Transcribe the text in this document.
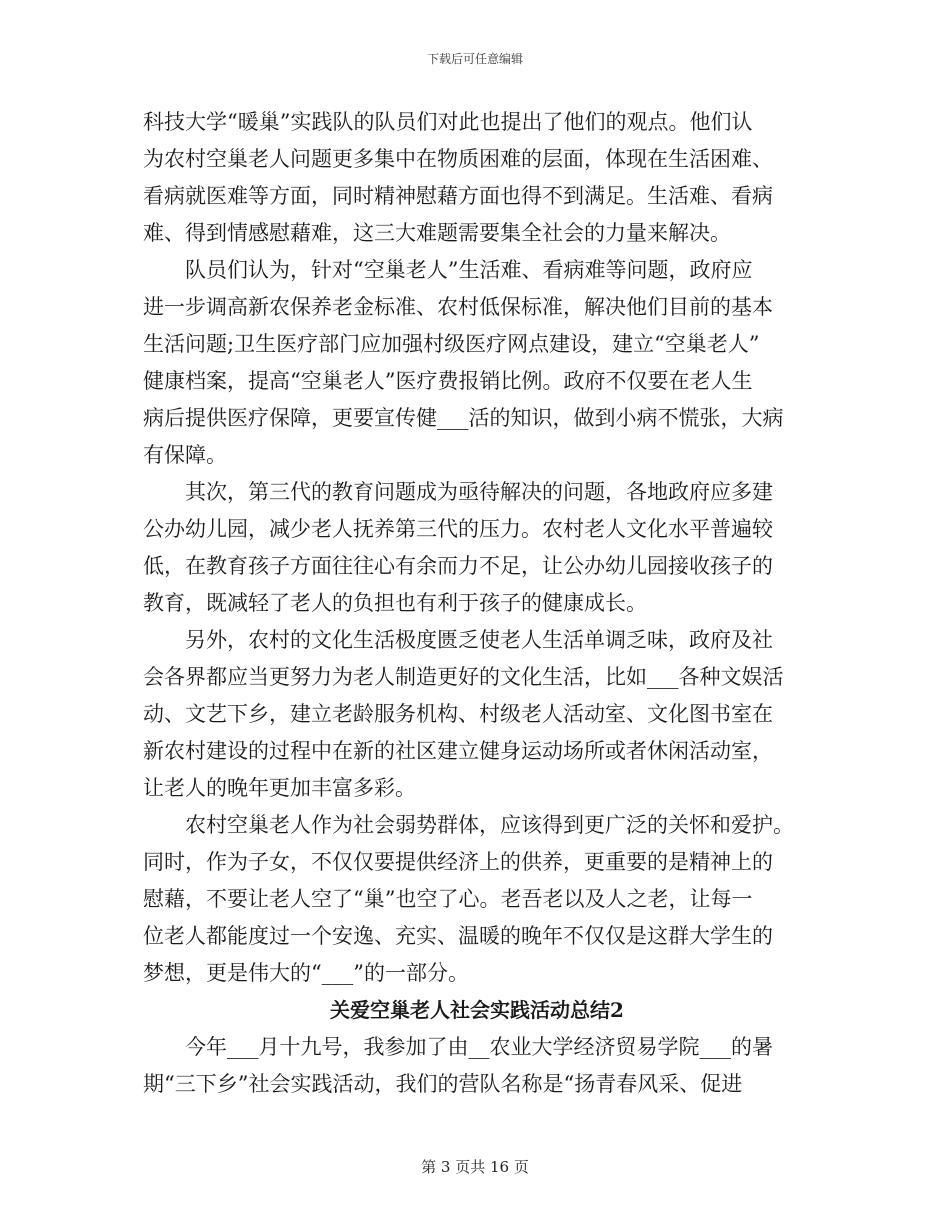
下载后可任意编辑
科技大学“暖巢”实践队的队员们对此也提出了他们的观点。他们认
为农村空巢老人问题更多集中在物质困难的层面，体现在生活困难、
看病就医难等方面，同时精神慰藉方面也得不到满足。生活难、看病
难、得到情感慰藉难，这三大难题需要集全社会的力量来解决。
　　队员们认为，针对“空巢老人”生活难、看病难等问题，政府应
进一步调高新农保养老金标准、农村低保标准，解决他们目前的基本
生活问题;卫生医疗部门应加强村级医疗网点建设，建立“空巢老人”
健康档案，提高“空巢老人”医疗费报销比例。政府不仅要在老人生
病后提供医疗保障，更要宣传健___活的知识，做到小病不慌张，大病
有保障。
　　其次，第三代的教育问题成为亟待解决的问题，各地政府应多建
公办幼儿园，减少老人抚养第三代的压力。农村老人文化水平普遍较
低，在教育孩子方面往往心有余而力不足，让公办幼儿园接收孩子的
教育，既减轻了老人的负担也有利于孩子的健康成长。
　　另外，农村的文化生活极度匮乏使老人生活单调乏味，政府及社
会各界都应当更努力为老人制造更好的文化生活，比如___各种文娱活
动、文艺下乡，建立老龄服务机构、村级老人活动室、文化图书室在
新农村建设的过程中在新的社区建立健身运动场所或者休闲活动室，
让老人的晚年更加丰富多彩。
　　农村空巢老人作为社会弱势群体，应该得到更广泛的关怀和爱护。
同时，作为子女，不仅仅要提供经济上的供养，更重要的是精神上的
慰藉，不要让老人空了“巢”也空了心。老吾老以及人之老，让每一
位老人都能度过一个安逸、充实、温暖的晚年不仅仅是这群大学生的
梦想，更是伟大的“___”的一部分。
关爱空巢老人社会实践活动总结2
　　今年___月十九号，我参加了由__农业大学经济贸易学院___的暑
期“三下乡”社会实践活动，我们的营队名称是“扬青春风采、促进
第 3 页共 16 页
